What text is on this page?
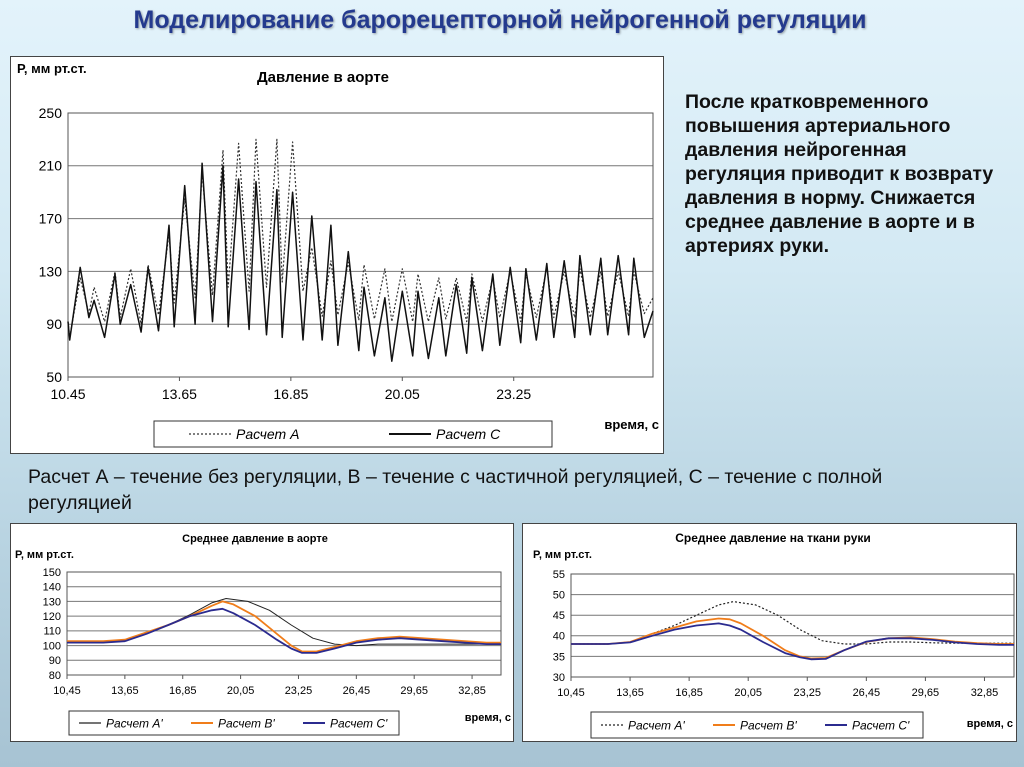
Моделирование барорецепторной нейрогенной регуляции
50
90
130
170
210
250
10.45	13.65	16.85	20.05	23.25
Давление в аорте
Р, мм рт.ст.
время, с
Расчет А	Расчет C
После кратковременного повышения артериального давления нейрогенная регуляция приводит к возврату давления в норму. Снижается среднее давление в аорте и в артериях руки.
Расчет А – течение без регуляции, В – течение с частичной регуляцией, С – течение с полной регуляцией
80
90
100
110
120
130
140
150
10,45	13,65	16,85	20,05	23,25	26,45	29,65	32,85
Среднее давление в аорте
Р, мм рт.ст.
время, с
Расчет А'	Расчет B'	Расчет C'
30
35
40
45
50
55
10,45	13,65	16,85	20,05	23,25	26,45	29,65	32,85
Среднее давление на ткани руки
Р, мм рт.ст.
время, с
Расчет А'	Расчет B'	Расчет C'
